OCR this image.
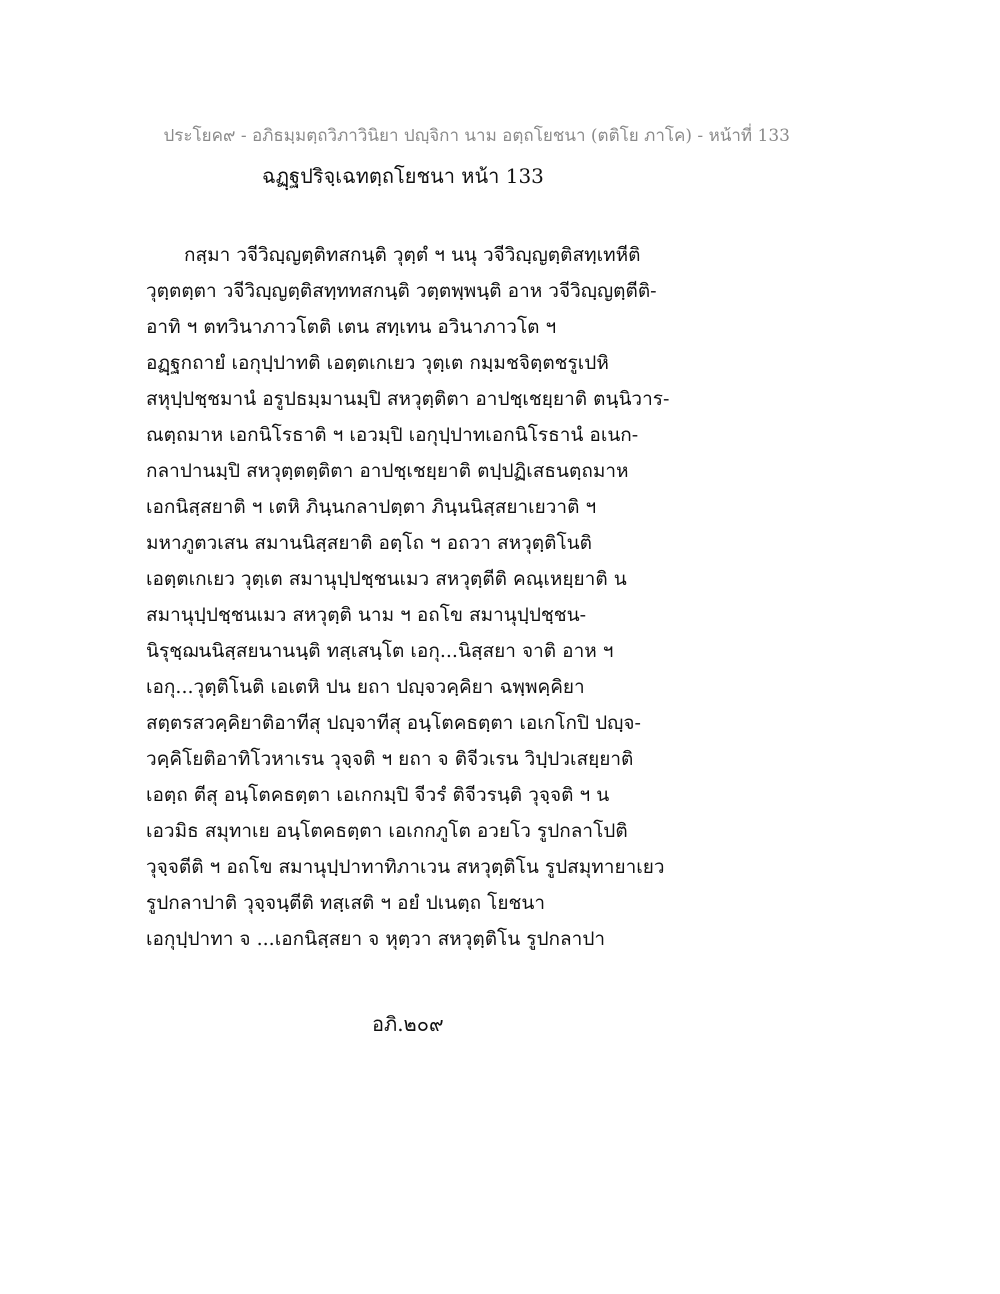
ประโยค๙ - อภิธมฺมตฺถวิภาวินิยา ปญฺจิกา นาม อตฺถโยชนา (ตติโย ภาโค) - หน้าที่ 133
ฉฏฺฐปริจฺเฉทตฺถโยชนา หน้า 133
กสฺมา วจีวิญฺญตฺติทสกนฺติ วุตฺตํ ฯ นนุ วจีวิญฺญตฺติสทฺเทหีติ
วุตฺตตฺตา วจีวิญฺญตฺติสทฺททสกนฺติ วตฺตพฺพนฺติ อาห วจีวิญฺญตฺตีติ-
อาทิ ฯ ตทวินาภาวโตติ เตน สทฺเทน อวินาภาวโต ฯ
อฏฺฐกถายํ เอกุปฺปาทติ เอตฺตเกเยว วุตฺเต กมฺมชจิตฺตชรูเปหิ
สหุปฺปชฺชมานํ อรูปธมฺมานมฺปิ สหวุตฺติตา อาปชฺเชยฺยาติ ตนฺนิวาร-
ณตฺถมาห เอกนิโรธาติ ฯ เอวมฺปิ เอกุปฺปาทเอกนิโรธานํ อเนก-
กลาปานมฺปิ สหวุตฺตตฺติตา อาปชฺเชยฺยาติ ตปฺปฏิเสธนตฺถมาห
เอกนิสฺสยาติ ฯ เตหิ ภินฺนกลาปตฺตา ภินฺนนิสฺสยาเยวาติ ฯ
มหาภูตวเสน สมานนิสฺสยาติ อตฺโถ ฯ อถวา สหวุตฺติโนติ
เอตฺตเกเยว วุตฺเต สมานุปฺปชฺชนเมว สหวุตฺตีติ คณฺเหยฺยาติ น
สมานุปฺปชฺชนเมว สหวุตฺติ นาม ฯ อถโข สมานุปฺปชฺชน-
นิรุชฺฌนนิสฺสยนานนฺติ ทสฺเสนฺโต เอกุ...นิสฺสยา จาติ อาห ฯ
เอกุ...วุตฺติโนติ เอเตหิ ปน ยถา ปญฺจวคฺคิยา ฉพฺพคฺคิยา
สตฺตรสวคฺคิยาติอาทีสุ ปญฺจาทีสุ อนฺโตคธตฺตา เอเกโกปิ ปญฺจ-
วคฺคิโยติอาทิโวหาเรน วุจฺจติ ฯ ยถา จ ติจีวเรน วิปฺปวเสยฺยาติ
เอตฺถ ตีสุ อนฺโตคธตฺตา เอเกกมฺปิ จีวรํ ติจีวรนฺติ วุจฺจติ ฯ น
เอวมิธ สมุทาเย อนฺโตคธตฺตา เอเกกภูโต อวยโว รูปกลาโปติ
วุจฺจตีติ ฯ อถโข สมานุปฺปาทาทิภาเวน สหวุตฺติโน รูปสมุทายาเยว
รูปกลาปาติ วุจฺจนฺตีติ ทสฺเสติ ฯ อยํ ปเนตฺถ โยชนา
เอกุปฺปาทา จ ...เอกนิสฺสยา จ หุตฺวา สหวุตฺติโน รูปกลาปา
อภิ.๒๐๙
